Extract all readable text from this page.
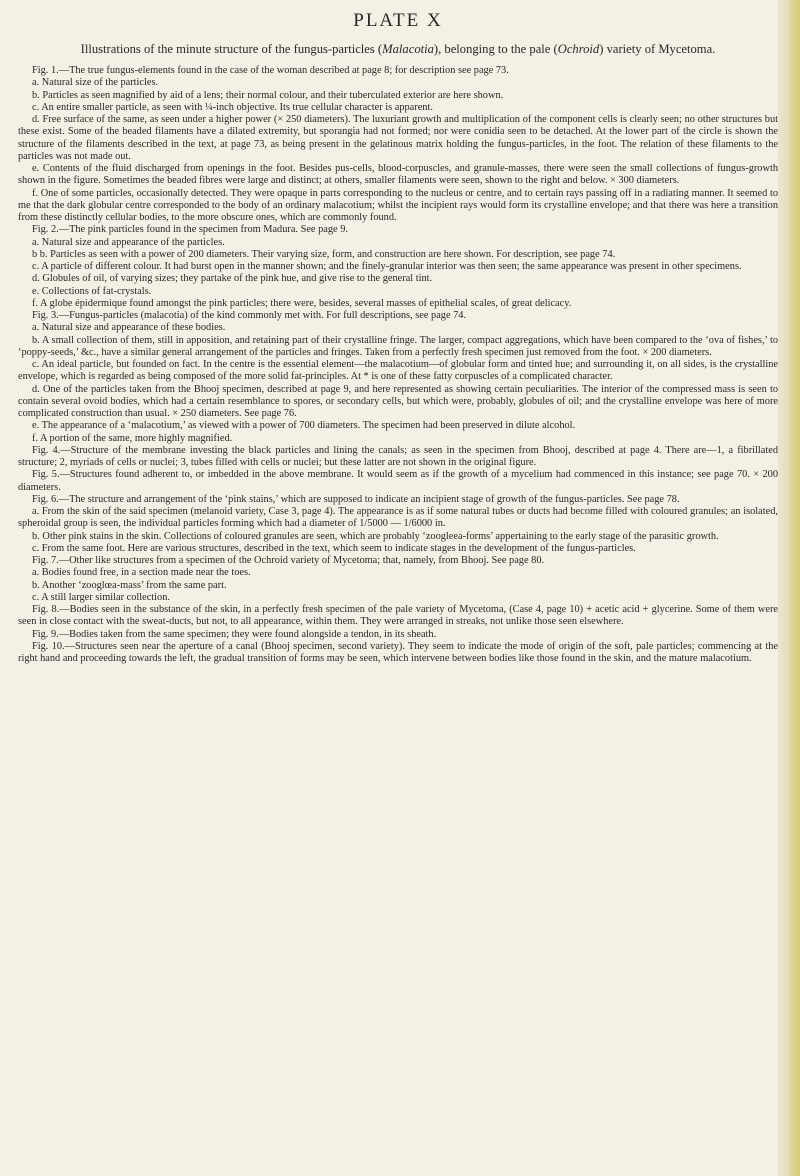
PLATE X

Illustrations of the minute structure of the fungus-particles (Malacotia), belonging to the pale (Ochroid) variety of Mycetoma.

Fig. 1.—The true fungus-elements found in the case of the woman described at page 8; for description see page 73.

a. Natural size of the particles.

b. Particles as seen magnified by aid of a lens; their normal colour, and their tuberculated exterior are here shown.

c. An entire smaller particle, as seen with ¼-inch objective. Its true cellular character is apparent.

d. Free surface of the same, as seen under a higher power (× 250 diameters). The luxuriant growth and multiplication of the component cells is clearly seen; no other structures but these exist. Some of the beaded filaments have a dilated extremity, but sporangia had not formed; nor were conidia seen to be detached. At the lower part of the circle is shown the structure of the filaments described in the text, at page 73, as being present in the gelatinous matrix holding the fungus-particles, in the foot. The relation of these filaments to the particles was not made out.

e. Contents of the fluid discharged from openings in the foot. Besides pus-cells, blood-corpuscles, and granule-masses, there were seen the small collections of fungus-growth shown in the figure. Sometimes the beaded fibres were large and distinct; at others, smaller filaments were seen, shown to the right and below. × 300 diameters.

f. One of some particles, occasionally detected. They were opaque in parts corresponding to the nucleus or centre, and to certain rays passing off in a radiating manner. It seemed to me that the dark globular centre corresponded to the body of an ordinary malacotium; whilst the incipient rays would form its crystalline envelope; and that there was here a transition from these distinctly cellular bodies, to the more obscure ones, which are commonly found.

Fig. 2.—The pink particles found in the specimen from Madura. See page 9.

a. Natural size and appearance of the particles.

b b. Particles as seen with a power of 200 diameters. Their varying size, form, and construction are here shown. For description, see page 74.

c. A particle of different colour. It had burst open in the manner shown; and the finely-granular interior was then seen; the same appearance was present in other specimens.

d. Globules of oil, of varying sizes; they partake of the pink hue, and give rise to the general tint.

e. Collections of fat-crystals.

f. A globe épidermique found amongst the pink particles; there were, besides, several masses of epithelial scales, of great delicacy.

Fig. 3.—Fungus-particles (malacotia) of the kind commonly met with. For full descriptions, see page 74.

a. Natural size and appearance of these bodies.

b. A small collection of them, still in apposition, and retaining part of their crystalline fringe. The larger, compact aggregations, which have been compared to the ‘ova of fishes,’ to ‘poppy-seeds,’ &c., have a similar general arrangement of the particles and fringes. Taken from a perfectly fresh specimen just removed from the foot. × 200 diameters.

c. An ideal particle, but founded on fact. In the centre is the essential element—the malacotium—of globular form and tinted hue; and surrounding it, on all sides, is the crystalline envelope, which is regarded as being composed of the more solid fat-principles. At * is one of these fatty corpuscles of a complicated character.

d. One of the particles taken from the Bhooj specimen, described at page 9, and here represented as showing certain peculiarities. The interior of the compressed mass is seen to contain several ovoid bodies, which had a certain resemblance to spores, or secondary cells, but which were, probably, globules of oil; and the crystalline envelope was here of more complicated construction than usual. × 250 diameters. See page 76.

e. The appearance of a ‘malacotium,’ as viewed with a power of 700 diameters. The specimen had been preserved in dilute alcohol.

f. A portion of the same, more highly magnified.

Fig. 4.—Structure of the membrane investing the black particles and lining the canals; as seen in the specimen from Bhooj, described at page 4. There are—1, a fibrillated structure; 2, myriads of cells or nuclei; 3, tubes filled with cells or nuclei; but these latter are not shown in the original figure.

Fig. 5.—Structures found adherent to, or imbedded in the above membrane. It would seem as if the growth of a mycelium had commenced in this instance; see page 70. × 200 diameters.

Fig. 6.—The structure and arrangement of the ‘pink stains,’ which are supposed to indicate an incipient stage of growth of the fungus-particles. See page 78.

a. From the skin of the said specimen (melanoid variety, Case 3, page 4). The appearance is as if some natural tubes or ducts had become filled with coloured granules; an isolated, spheroidal group is seen, the individual particles forming which had a diameter of 1/5000 — 1/6000 in.

b. Other pink stains in the skin. Collections of coloured granules are seen, which are probably ‘zoogleea-forms’ appertaining to the early stage of the parasitic growth.

c. From the same foot. Here are various structures, described in the text, which seem to indicate stages in the development of the fungus-particles.

Fig. 7.—Other like structures from a specimen of the Ochroid variety of Mycetoma; that, namely, from Bhooj. See page 80.

a. Bodies found free, in a section made near the toes.

b. Another ‘zooglœa-mass’ from the same part.

c. A still larger similar collection.

Fig. 8.—Bodies seen in the substance of the skin, in a perfectly fresh specimen of the pale variety of Mycetoma, (Case 4, page 10) + acetic acid + glycerine. Some of them were seen in close contact with the sweat-ducts, but not, to all appearance, within them. They were arranged in streaks, not unlike those seen elsewhere.

Fig. 9.—Bodies taken from the same specimen; they were found alongside a tendon, in its sheath.

Fig. 10.—Structures seen near the aperture of a canal (Bhooj specimen, second variety). They seem to indicate the mode of origin of the soft, pale particles; commencing at the right hand and proceeding towards the left, the gradual transition of forms may be seen, which intervene between bodies like those found in the skin, and the mature malacotium.
